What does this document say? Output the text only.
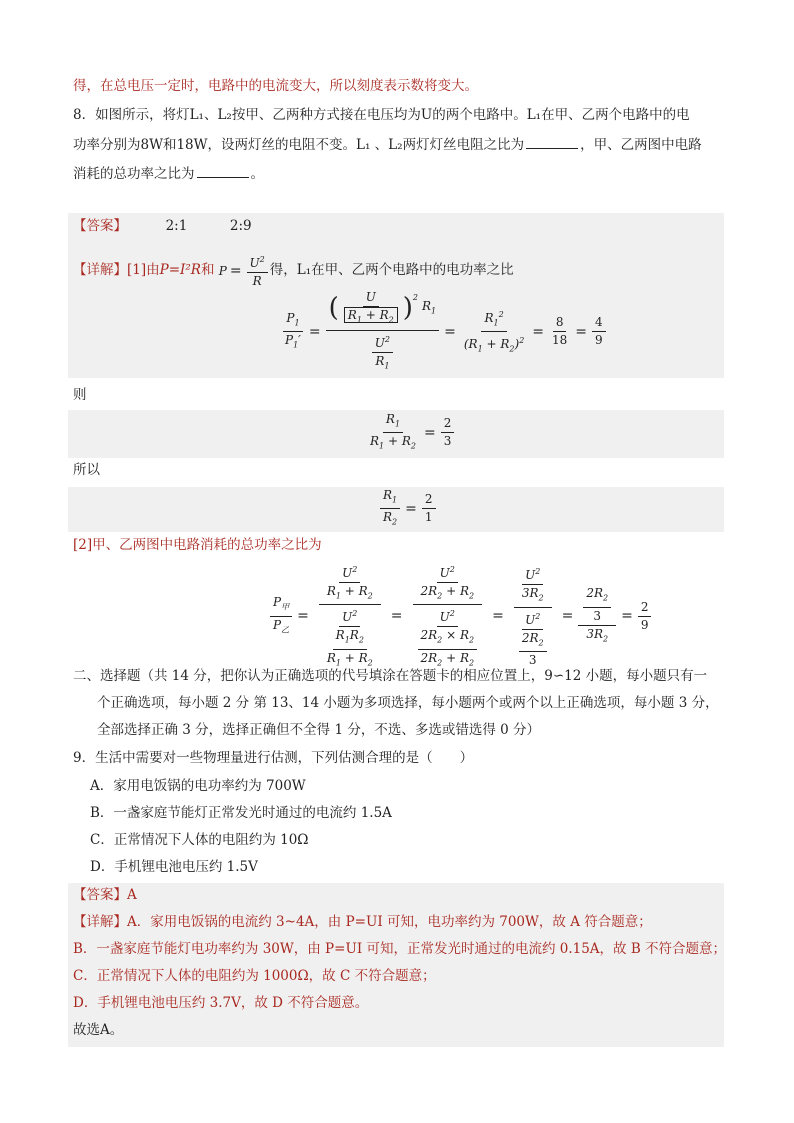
得，在总电压一定时，电路中的电流变大，所以刻度表示数将变大。
8．如图所示，将灯L₁、L₂按甲、乙两种方式接在电压均为U的两个电路中。L₁在甲、乙两个电路中的电
功率分别为8W和18W，设两灯丝的电阻不变。L₁ 、L₂两灯灯丝电阻之比为	，甲、乙两图中电路
消耗的总功率之比为	。
【答案】	2:1	2:9
【详解】[1]由P=I²R和 $P = \frac{U^2}{R}$ 得，L₁在甲、乙两个电路中的电功率之比
$\frac{P_1}{P_1'}$ = ( $\frac{U}{R_1 + R_2} )^2$
$R_1$
$\frac{U^2}{R_1} = \frac{R_1^2}{(R_1 + R_2)^2} = \frac{8}{18} = \frac{4}{9}$
则
$\frac{R_1}{R_1 + R_2} = \frac{2}{3}$
所以
$\frac{R_1}{R_2} = \frac{2}{1}$
[2]甲、乙两图中电路消耗的总功率之比为
$\frac{P_甲}{P_乙} = \frac{\frac{U^2}{R_1 + R_2}}{\frac{U^2}{\frac{R_1R_2}{R_1 + R_2}}} = \frac{\frac{U^2}{2R_2 + R_2}}{\frac{U^2}{\frac{2R_2 \times R_2}{2R_2 + R_2}}} = \frac{\frac{U^2}{3R_2}}{\frac{U^2}{\frac{2R_2}{3}}} = \frac{\frac{2R_2}{3}}{3R_2} = \frac{2}{9}$
二、选择题（共 14 分，把你认为正确选项的代号填涂在答题卡的相应位置上，9∽12 小题，每小题只有一
个正确选项，每小题 2 分 第 13、14 小题为多项选择，每小题两个或两个以上正确选项，每小题 3 分，
全部选择正确 3 分，选择正确但不全得 1 分，不选、多选或错选得 0 分）
9．生活中需要对一些物理量进行估测，下列估测合理的是（　　）
A．家用电饭锅的电功率约为 700W
B．一盏家庭节能灯正常发光时通过的电流约 1.5A
C．正常情况下人体的电阻约为 10Ω
D．手机锂电池电压约 1.5V
【答案】A
【详解】A．家用电饭锅的电流约 3~4A，由 P=UI 可知，电功率约为 700W，故 A 符合题意；
B．一盏家庭节能灯电功率约为 30W，由 P=UI 可知，正常发光时通过的电流约 0.15A，故 B 不符合题意；
C．正常情况下人体的电阻约为 1000Ω，故 C 不符合题意；
D．手机锂电池电压约 3.7V，故 D 不符合题意。
故选A。
